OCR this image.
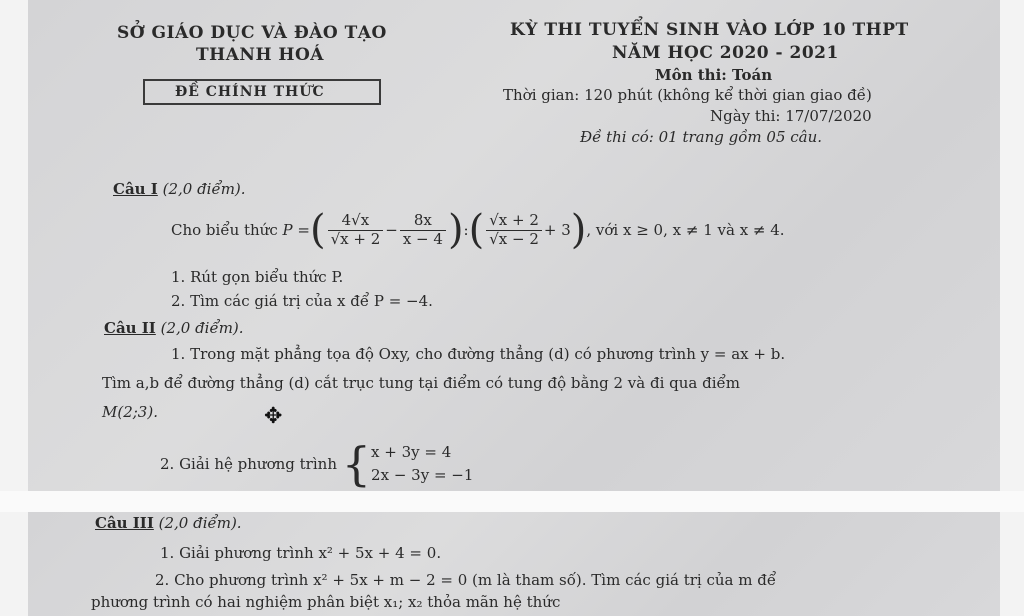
SỞ GIÁO DỤC VÀ ĐÀO TẠO
THANH HOÁ
ĐỀ CHÍNH THỨC
KỲ THI TUYỂN SINH VÀO LỚP 10 THPT
NĂM HỌC 2020 - 2021
Môn thi: Toán
Thời gian: 120 phút (không kể thời gian giao đề)
Ngày thi: 17/07/2020
Đề thi có: 01 trang gồm 05 câu.
Câu I (2,0 điểm).
Cho biểu thức
P = ( $\frac{4√x}{√x + 2} - \frac{8x}{x - 4}$ ) : ( $\frac{√x + 2}{√x - 2} + 3$ ) , với x ≥ 0, x ≠ 1 và x ≠ 4.
1. Rút gọn biểu thức P.
2. Tìm các giá trị của x để P = −4.
Câu II (2,0 điểm).
1. Trong mặt phẳng tọa độ Oxy, cho đường thẳng (d) có phương trình y = ax + b.
Tìm a,b để đường thẳng (d) cắt trục tung tại điểm có tung độ bằng 2 và đi qua điểm
M(2;3).
2. Giải hệ phương trình
{ x + 3y = 4
2x − 3y = −1
✥
Câu III (2,0 điểm).
1. Giải phương trình x² + 5x + 4 = 0.
2. Cho phương trình x² + 5x + m − 2 = 0 (m là tham số). Tìm các giá trị của m để
phương trình có hai nghiệm phân biệt x₁; x₂ thỏa mãn hệ thức
